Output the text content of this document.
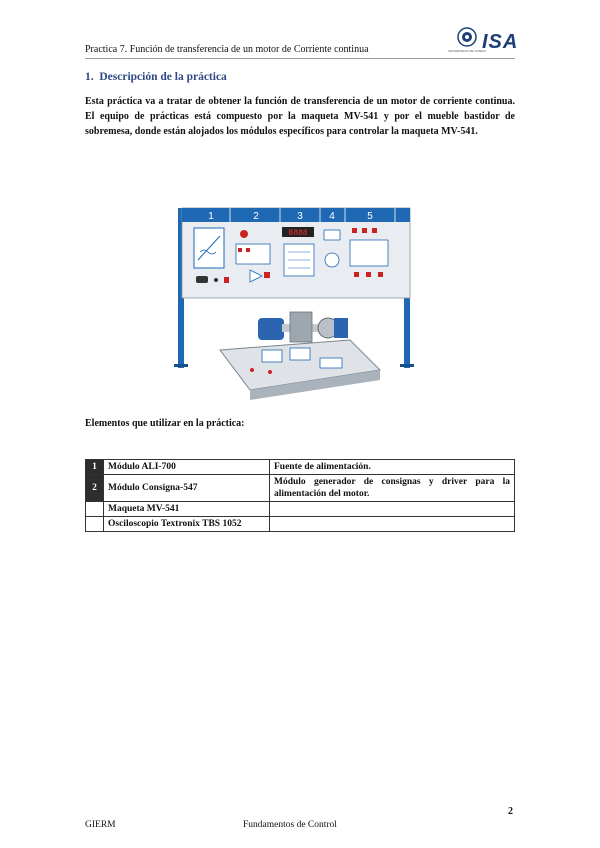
Practica 7. Función de transferencia de un motor de Corriente continua	UNIVERSIDAD DE OVIEDO
ISA
1. Descripción de la práctica
Esta práctica va a tratar de obtener la función de transferencia de un motor de corriente continua. El equipo de prácticas está compuesto por la maqueta MV-541 y por el mueble bastidor de sobremesa, donde están alojados los módulos específicos para controlar la maqueta MV-541.
1	2	3	4	5
8888
Elementos que utilizar en la práctica:
1	Módulo ALI-700	Fuente de alimentación.
2	Módulo Consigna-547	Módulo generador de consignas y driver para la alimentación del motor.
	Maqueta MV-541	
	Osciloscopio Textronix TBS 1052	
2
GIERM	Fundamentos de Control
